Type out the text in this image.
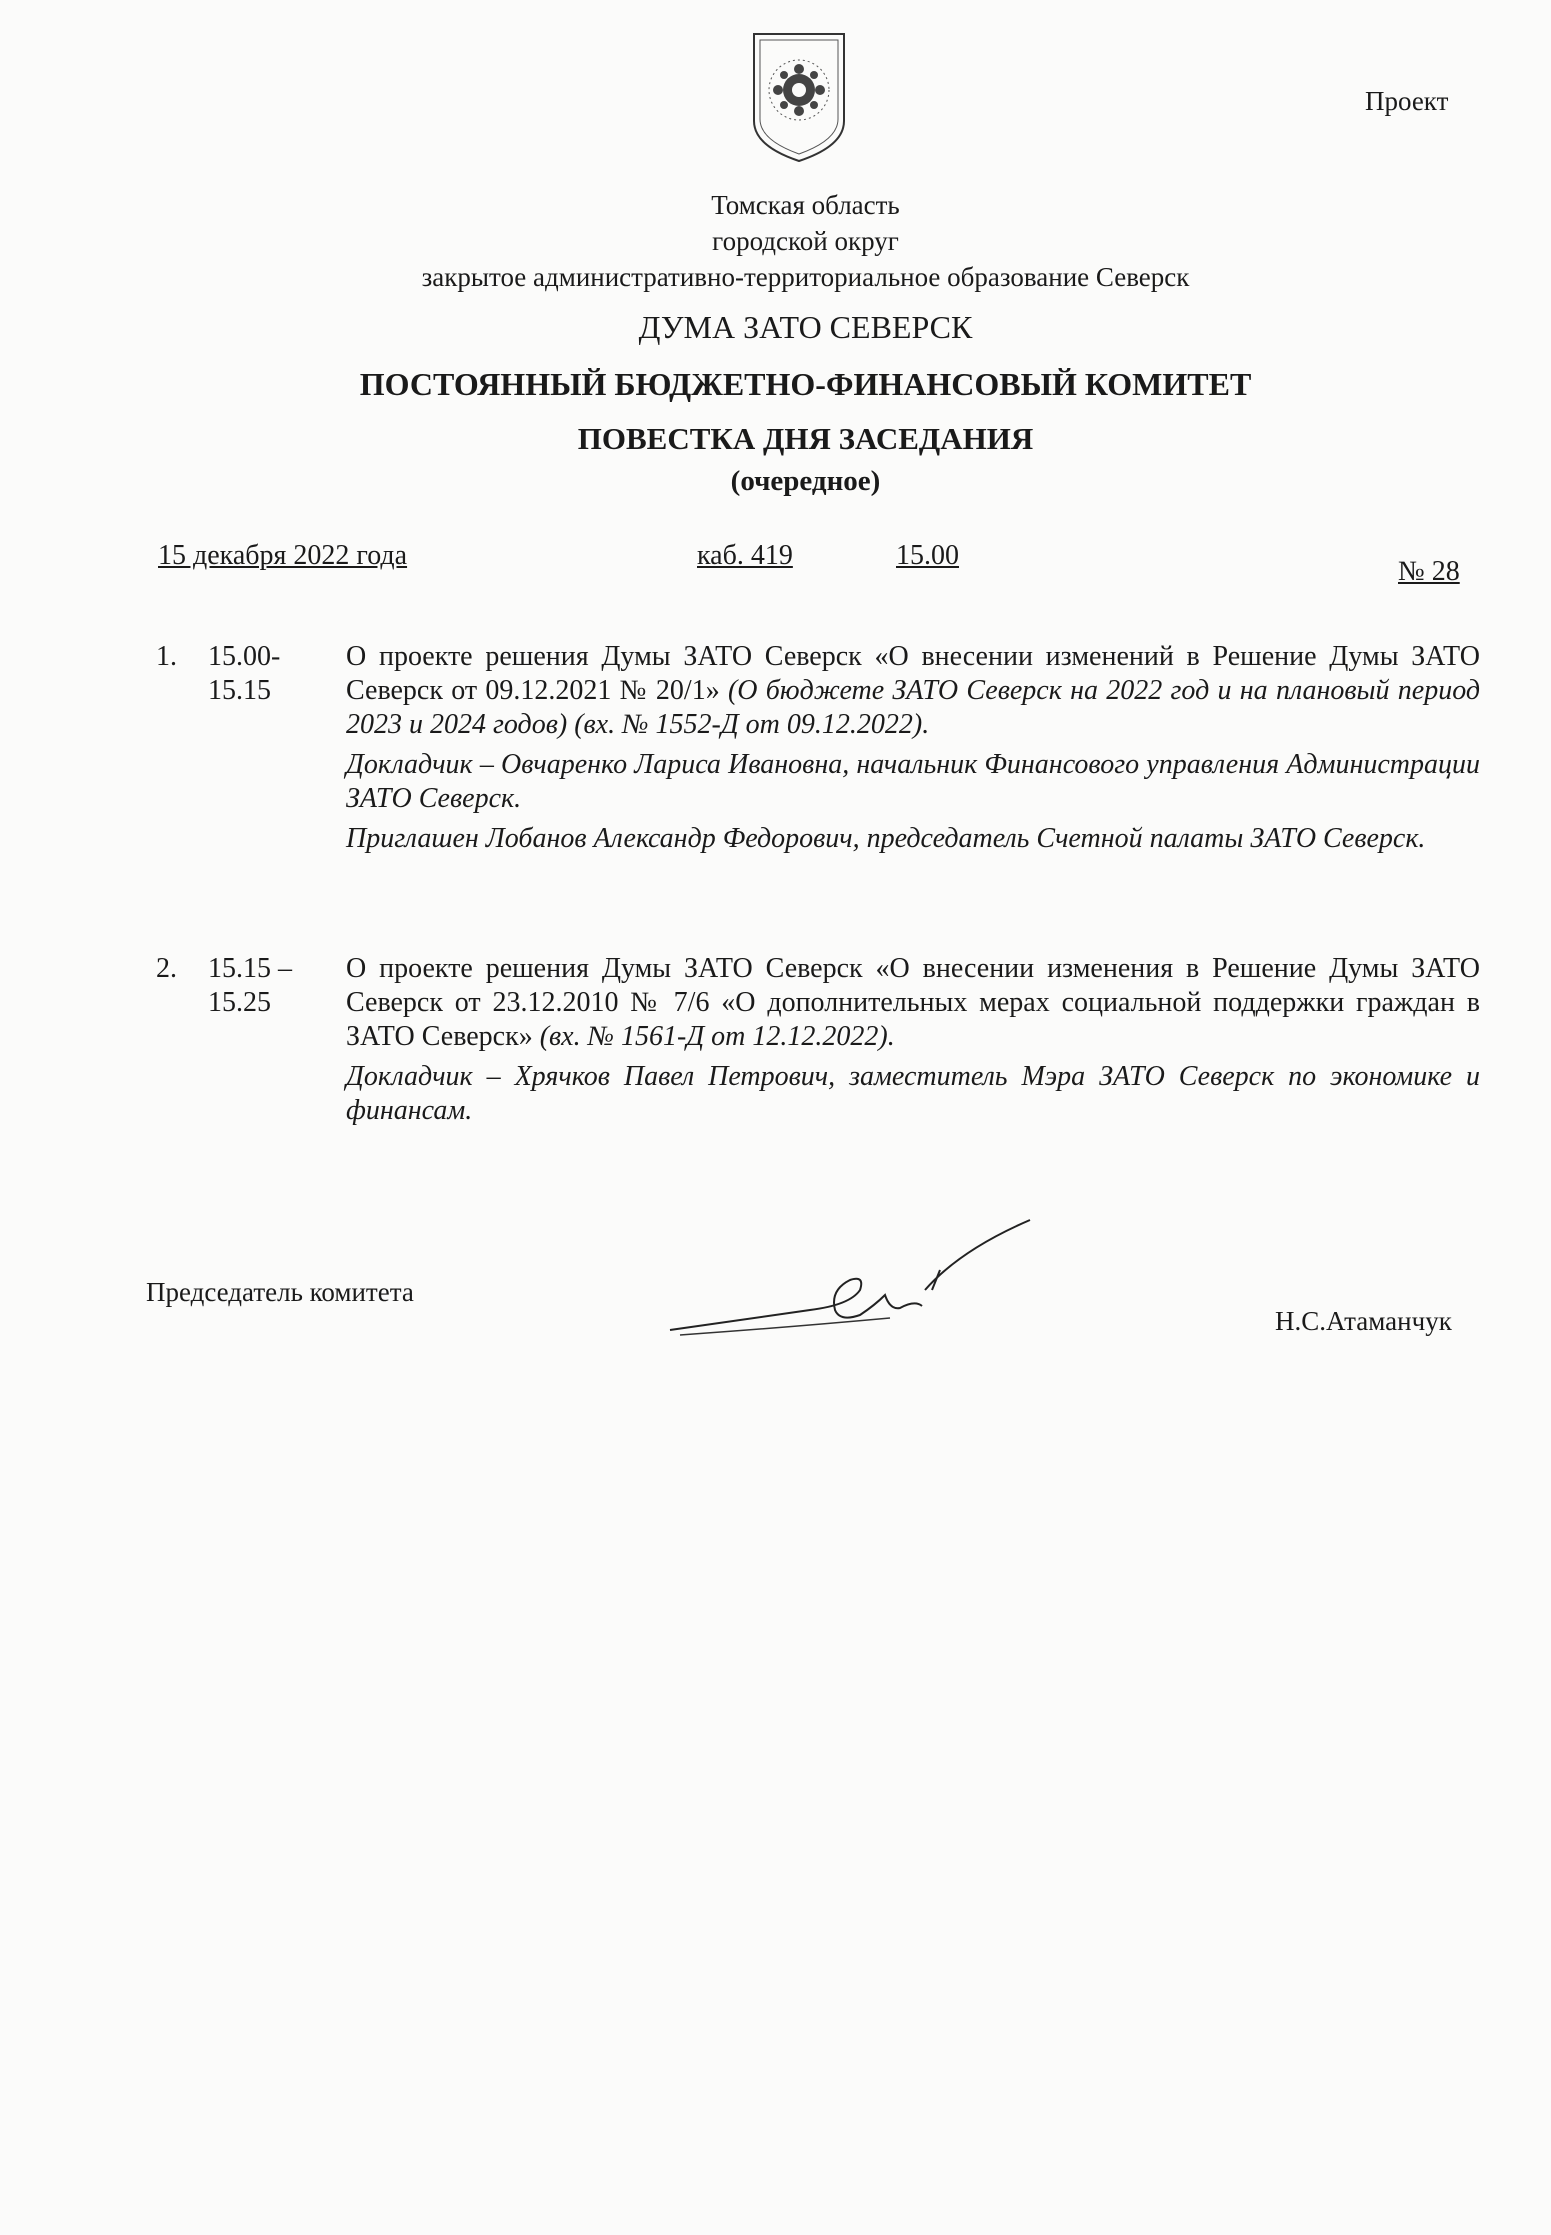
Проект
Томская область
городской округ
закрытое административно-территориальное образование Северск
ДУМА ЗАТО СЕВЕРСК
ПОСТОЯННЫЙ БЮДЖЕТНО-ФИНАНСОВЫЙ КОМИТЕТ
ПОВЕСТКА ДНЯ ЗАСЕДАНИЯ
(очередное)
15 декабря 2022 года	каб. 419	15.00
№ 28
1. 15.00-
15.15

О проекте решения Думы ЗАТО Северск «О внесении изменений в Решение Думы ЗАТО Северск от 09.12.2021 № 20/1» (О бюджете ЗАТО Северск на 2022 год и на плановый период 2023 и 2024 годов) (вх. № 1552-Д от 09.12.2022).

Докладчик – Овчаренко Лариса Ивановна, начальник Финансового управления Администрации ЗАТО Северск.

Приглашен Лобанов Александр Федорович, председатель Счетной палаты ЗАТО Северск.

2. 15.15 –
15.25

О проекте решения Думы ЗАТО Северск «О внесении изменения в Решение Думы ЗАТО Северск от 23.12.2010 № 7/6 «О дополнительных мерах социальной поддержки граждан в ЗАТО Северск» (вх. № 1561-Д от 12.12.2022).

Докладчик – Хрячков Павел Петрович, заместитель Мэра ЗАТО Северск по экономике и финансам.

Председатель комитета
Н.С.Атаманчук
